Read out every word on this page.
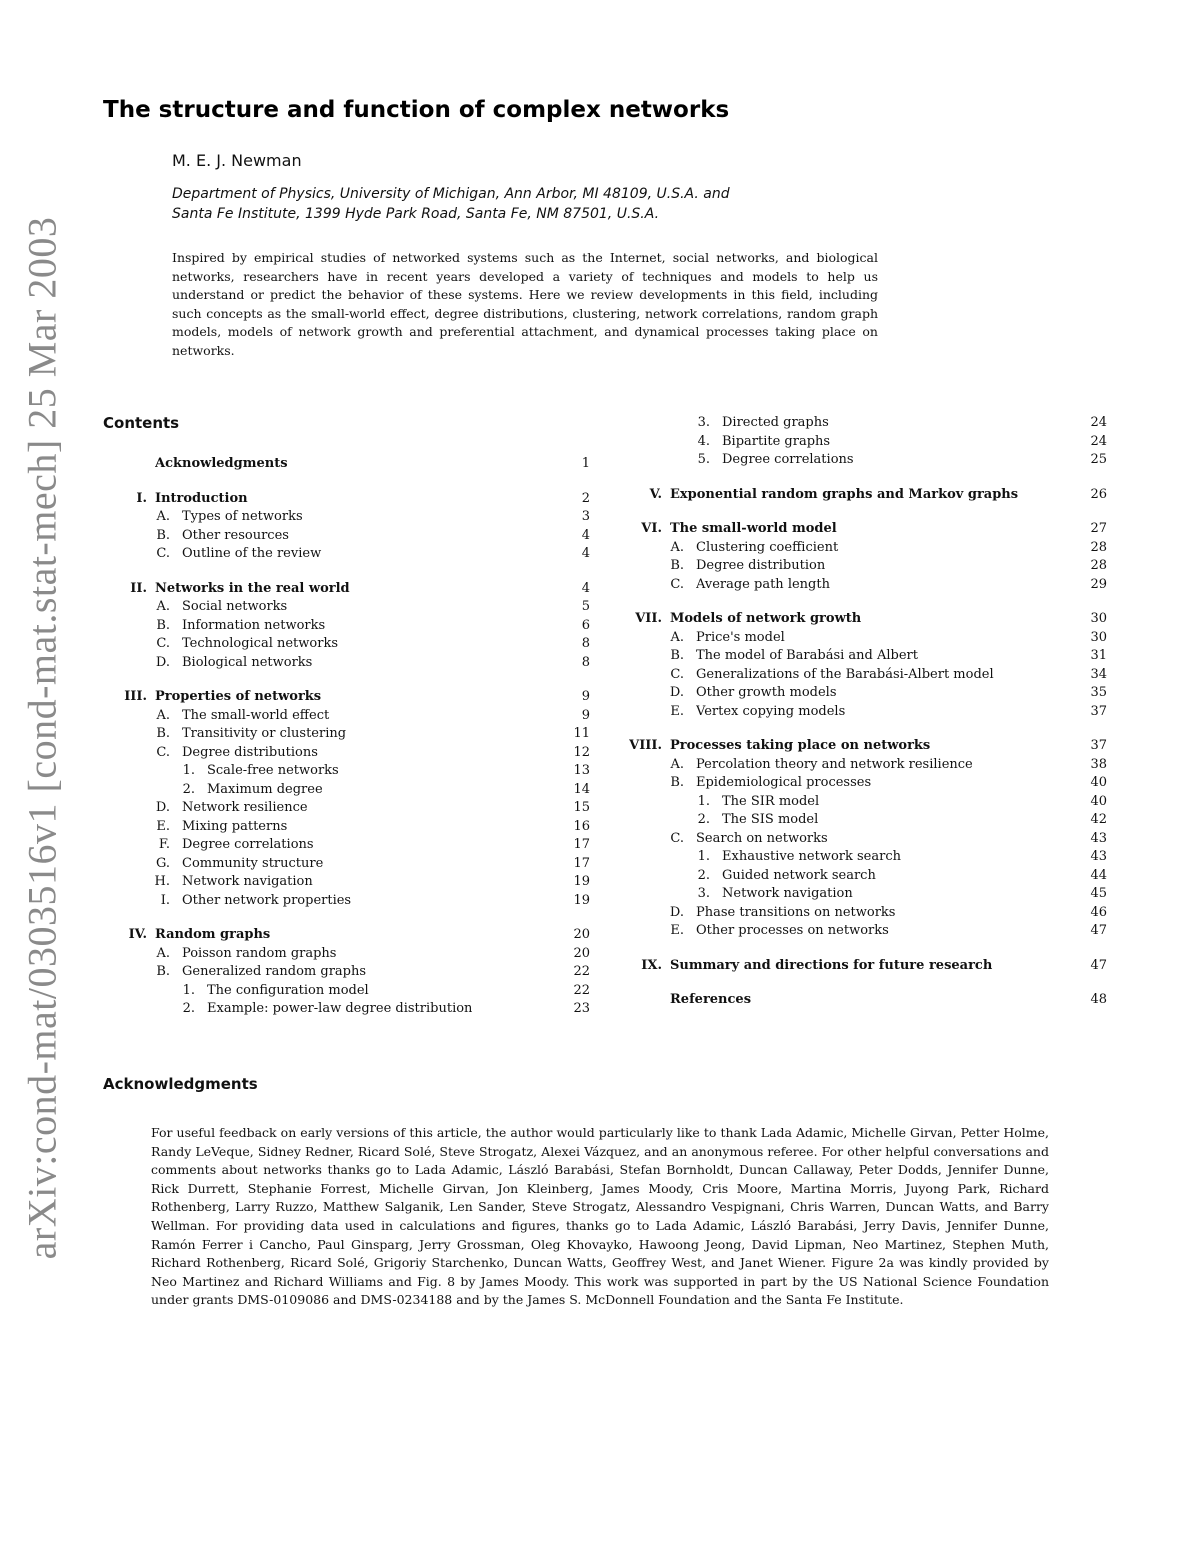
arXiv:cond-mat/0303516v1 [cond-mat.stat-mech] 25 Mar 2003
The structure and function of complex networks
M. E. J. Newman
Department of Physics, University of Michigan, Ann Arbor, MI 48109, U.S.A. and
Santa Fe Institute, 1399 Hyde Park Road, Santa Fe, NM 87501, U.S.A.
Inspired by empirical studies of networked systems such as the Internet, social networks, and biological networks, researchers have in recent years developed a variety of techniques and models to help us understand or predict the behavior of these systems. Here we review developments in this field, including such concepts as the small-world effect, degree distributions, clustering, network correlations, random graph models, models of network growth and preferential attachment, and dynamical processes taking place on networks.
Contents
Acknowledgments	1
I. Introduction	2
A. Types of networks	3
B. Other resources	4
C. Outline of the review	4
II. Networks in the real world	4
A. Social networks	5
B. Information networks	6
C. Technological networks	8
D. Biological networks	8
III. Properties of networks	9
A. The small-world effect	9
B. Transitivity or clustering	11
C. Degree distributions	12
1. Scale-free networks	13
2. Maximum degree	14
D. Network resilience	15
E. Mixing patterns	16
F. Degree correlations	17
G. Community structure	17
H. Network navigation	19
I. Other network properties	19
IV. Random graphs	20
A. Poisson random graphs	20
B. Generalized random graphs	22
1. The configuration model	22
2. Example: power-law degree distribution	23
3. Directed graphs	24
4. Bipartite graphs	24
5. Degree correlations	25
V. Exponential random graphs and Markov graphs	26
VI. The small-world model	27
A. Clustering coefficient	28
B. Degree distribution	28
C. Average path length	29
VII. Models of network growth	30
A. Price's model	30
B. The model of Barabási and Albert	31
C. Generalizations of the Barabási-Albert model	34
D. Other growth models	35
E. Vertex copying models	37
VIII. Processes taking place on networks	37
A. Percolation theory and network resilience	38
B. Epidemiological processes	40
1. The SIR model	40
2. The SIS model	42
C. Search on networks	43
1. Exhaustive network search	43
2. Guided network search	44
3. Network navigation	45
D. Phase transitions on networks	46
E. Other processes on networks	47
IX. Summary and directions for future research	47
References	48
Acknowledgments
For useful feedback on early versions of this article, the author would particularly like to thank Lada Adamic, Michelle Girvan, Petter Holme, Randy LeVeque, Sidney Redner, Ricard Solé, Steve Strogatz, Alexei Vázquez, and an anonymous referee. For other helpful conversations and comments about networks thanks go to Lada Adamic, László Barabási, Stefan Bornholdt, Duncan Callaway, Peter Dodds, Jennifer Dunne, Rick Durrett, Stephanie Forrest, Michelle Girvan, Jon Kleinberg, James Moody, Cris Moore, Martina Morris, Juyong Park, Richard Rothenberg, Larry Ruzzo, Matthew Salganik, Len Sander, Steve Strogatz, Alessandro Vespignani, Chris Warren, Duncan Watts, and Barry Wellman. For providing data used in calculations and figures, thanks go to Lada Adamic, László Barabási, Jerry Davis, Jennifer Dunne, Ramón Ferrer i Cancho, Paul Ginsparg, Jerry Grossman, Oleg Khovayko, Hawoong Jeong, David Lipman, Neo Martinez, Stephen Muth, Richard Rothenberg, Ricard Solé, Grigoriy Starchenko, Duncan Watts, Geoffrey West, and Janet Wiener. Figure 2a was kindly provided by Neo Martinez and Richard Williams and Fig. 8 by James Moody. This work was supported in part by the US National Science Foundation under grants DMS-0109086 and DMS-0234188 and by the James S. McDonnell Foundation and the Santa Fe Institute.
